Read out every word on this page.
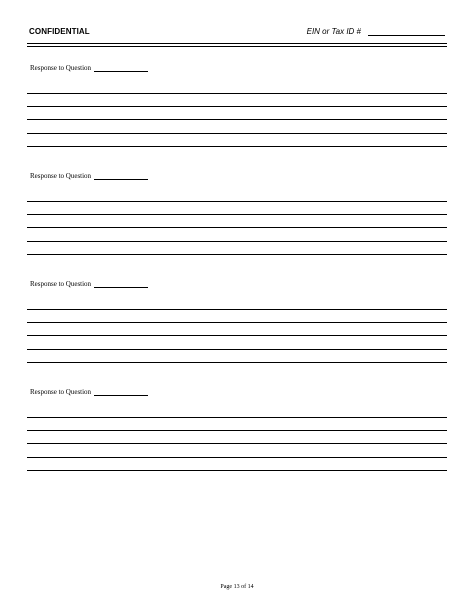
CONFIDENTIAL	EIN or Tax ID #
Response to Question
Response to Question
Response to Question
Response to Question
Page 13 of 14
